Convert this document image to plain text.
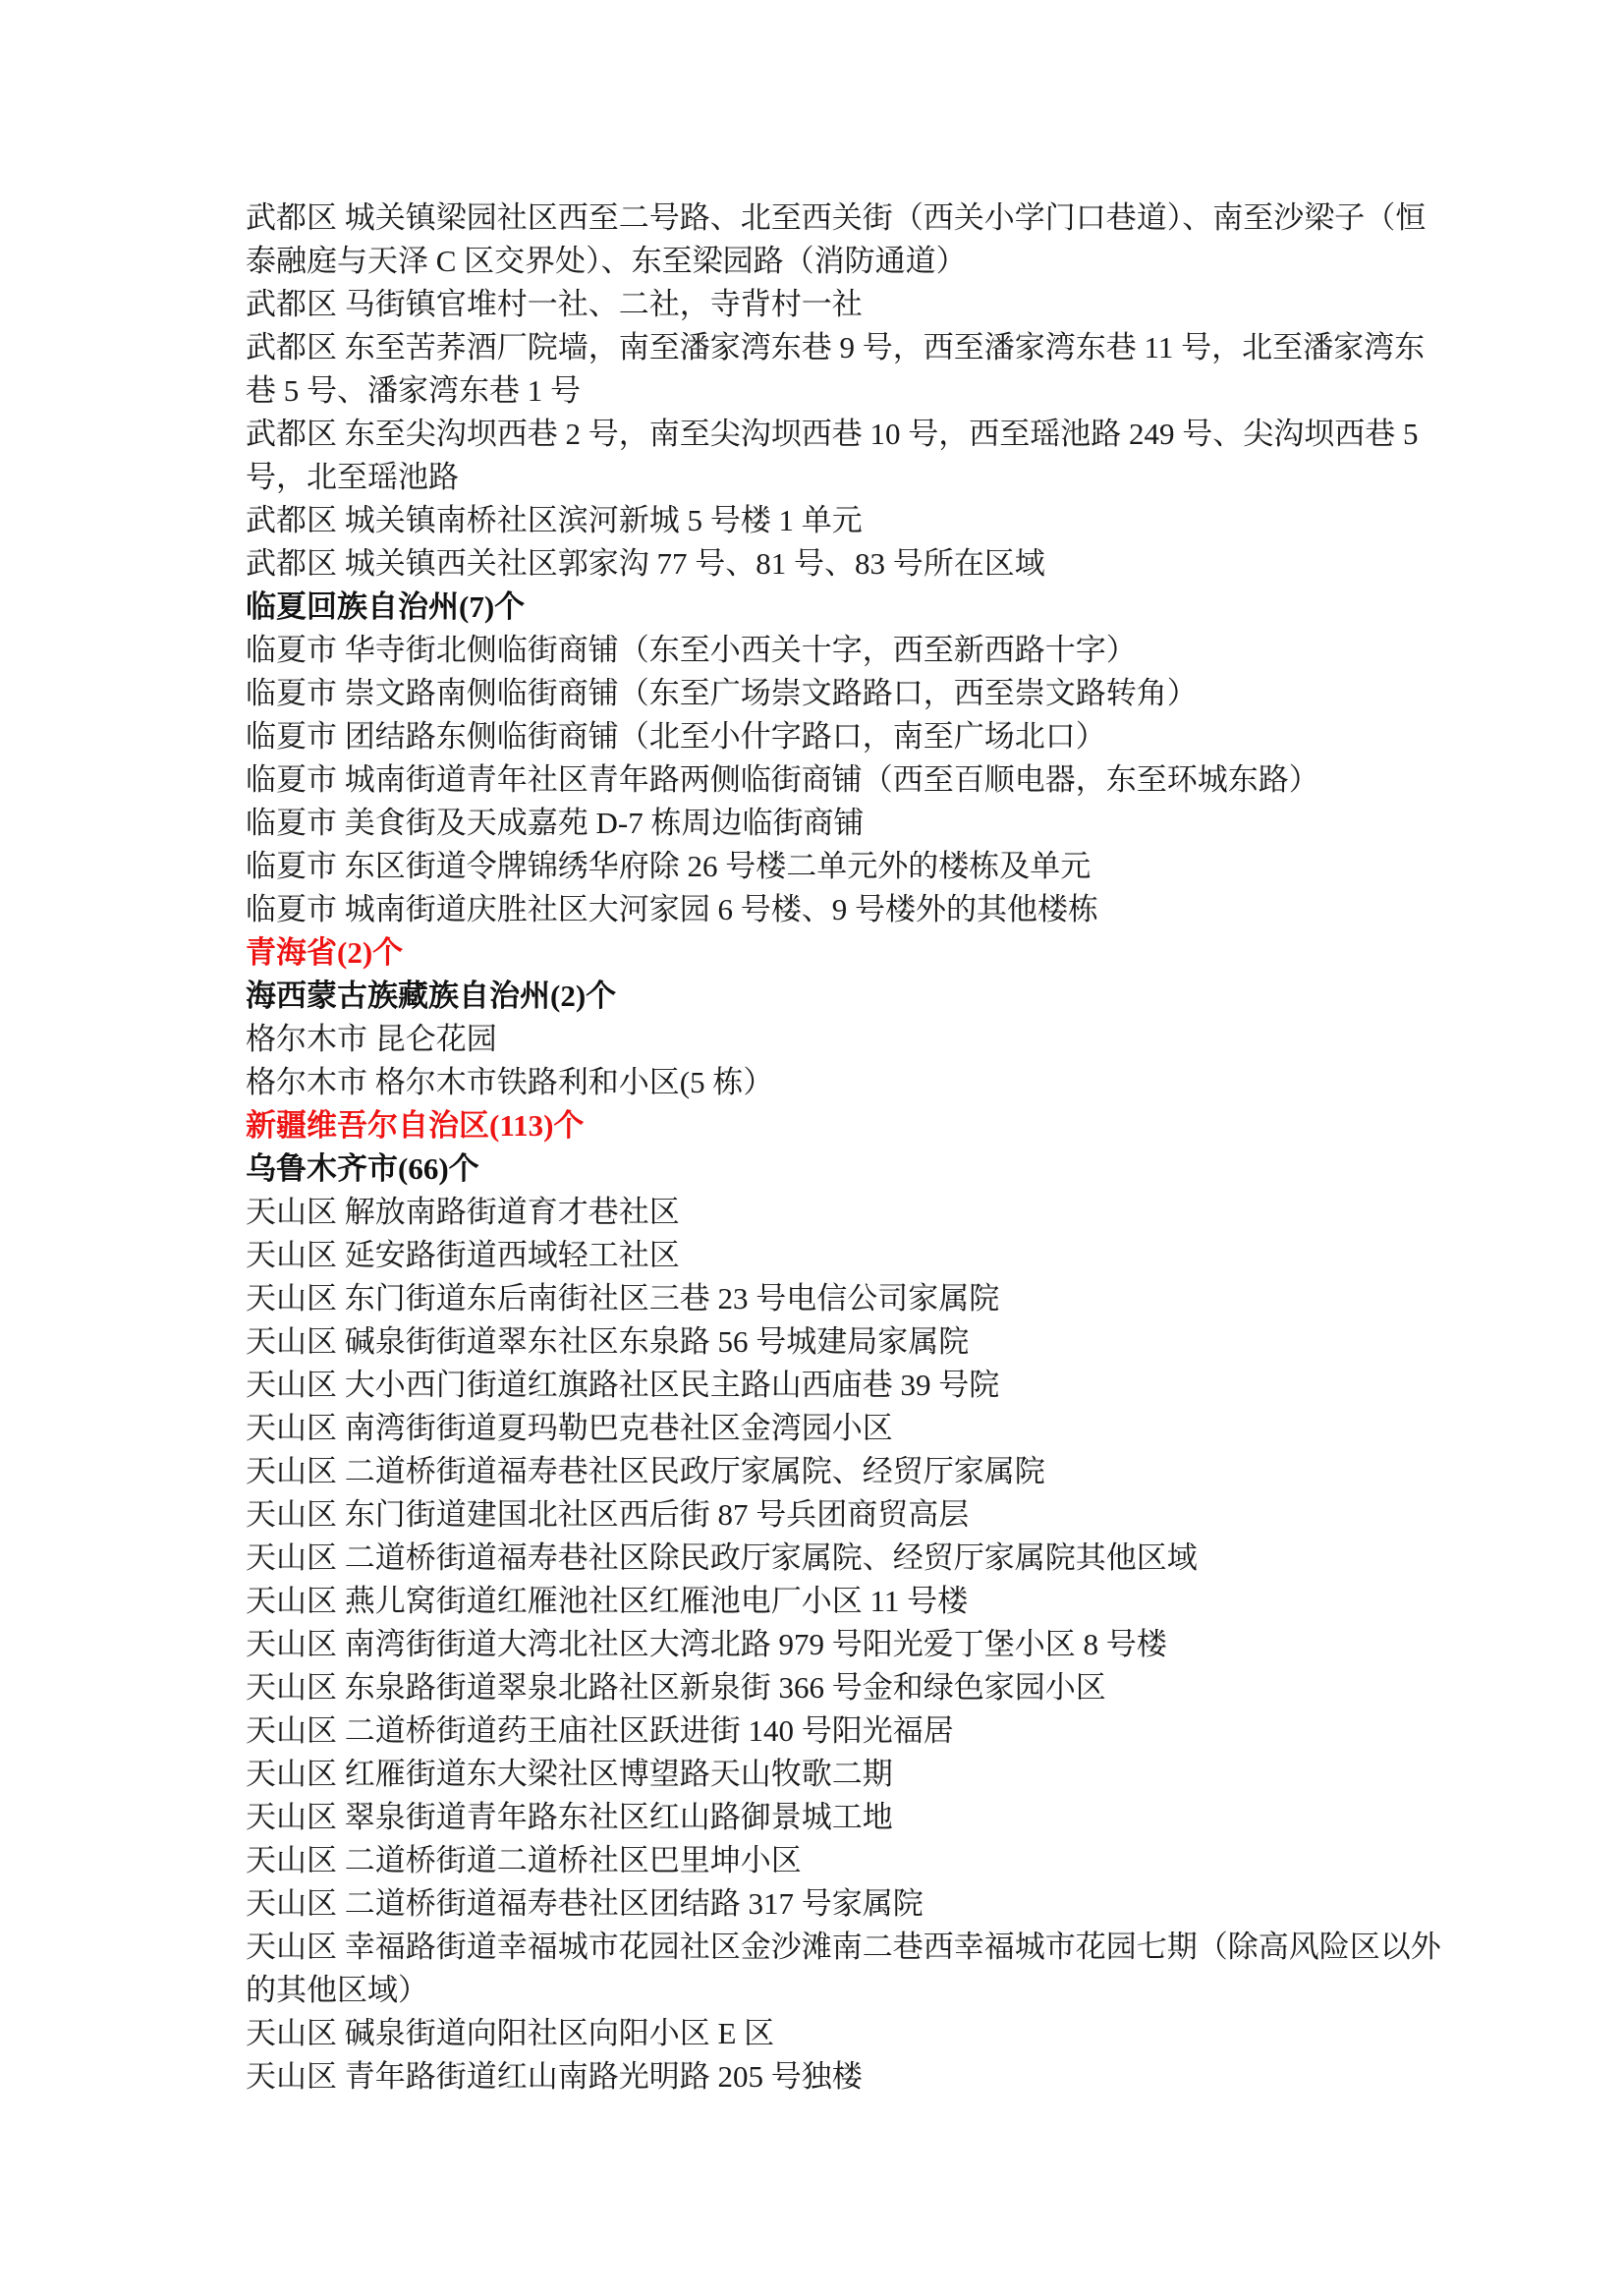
武都区 城关镇梁园社区西至二号路、北至西关街（西关小学门口巷道）、南至沙梁子（恒泰融庭与天泽 C 区交界处）、东至梁园路（消防通道）

武都区 马街镇官堆村一社、二社，寺背村一社

武都区 东至苦荞酒厂院墙，南至潘家湾东巷 9 号，西至潘家湾东巷 11 号，北至潘家湾东巷 5 号、潘家湾东巷 1 号

武都区 东至尖沟坝西巷 2 号，南至尖沟坝西巷 10 号，西至瑶池路 249 号、尖沟坝西巷 5 号，北至瑶池路

武都区 城关镇南桥社区滨河新城 5 号楼 1 单元

武都区 城关镇西关社区郭家沟 77 号、81 号、83 号所在区域

临夏回族自治州(7)个

临夏市 华寺街北侧临街商铺（东至小西关十字，西至新西路十字）

临夏市 崇文路南侧临街商铺（东至广场崇文路路口，西至崇文路转角）

临夏市 团结路东侧临街商铺（北至小什字路口，南至广场北口）

临夏市 城南街道青年社区青年路两侧临街商铺（西至百顺电器，东至环城东路）

临夏市 美食街及天成嘉苑 D-7 栋周边临街商铺

临夏市 东区街道令牌锦绣华府除 26 号楼二单元外的楼栋及单元

临夏市 城南街道庆胜社区大河家园 6 号楼、9 号楼外的其他楼栋

青海省(2)个

海西蒙古族藏族自治州(2)个

格尔木市 昆仑花园

格尔木市 格尔木市铁路利和小区(5 栋）

新疆维吾尔自治区(113)个

乌鲁木齐市(66)个

天山区 解放南路街道育才巷社区

天山区 延安路街道西域轻工社区

天山区 东门街道东后南街社区三巷 23 号电信公司家属院

天山区 碱泉街街道翠东社区东泉路 56 号城建局家属院

天山区 大小西门街道红旗路社区民主路山西庙巷 39 号院

天山区 南湾街街道夏玛勒巴克巷社区金湾园小区

天山区 二道桥街道福寿巷社区民政厅家属院、经贸厅家属院

天山区 东门街道建国北社区西后街 87 号兵团商贸高层

天山区 二道桥街道福寿巷社区除民政厅家属院、经贸厅家属院其他区域

天山区 燕儿窝街道红雁池社区红雁池电厂小区 11 号楼

天山区 南湾街街道大湾北社区大湾北路 979 号阳光爱丁堡小区 8 号楼

天山区 东泉路街道翠泉北路社区新泉街 366 号金和绿色家园小区

天山区 二道桥街道药王庙社区跃进街 140 号阳光福居

天山区 红雁街道东大梁社区博望路天山牧歌二期

天山区 翠泉街道青年路东社区红山路御景城工地

天山区 二道桥街道二道桥社区巴里坤小区

天山区 二道桥街道福寿巷社区团结路 317 号家属院

天山区 幸福路街道幸福城市花园社区金沙滩南二巷西幸福城市花园七期（除高风险区以外的其他区域）

天山区 碱泉街道向阳社区向阳小区 E 区

天山区 青年路街道红山南路光明路 205 号独楼
